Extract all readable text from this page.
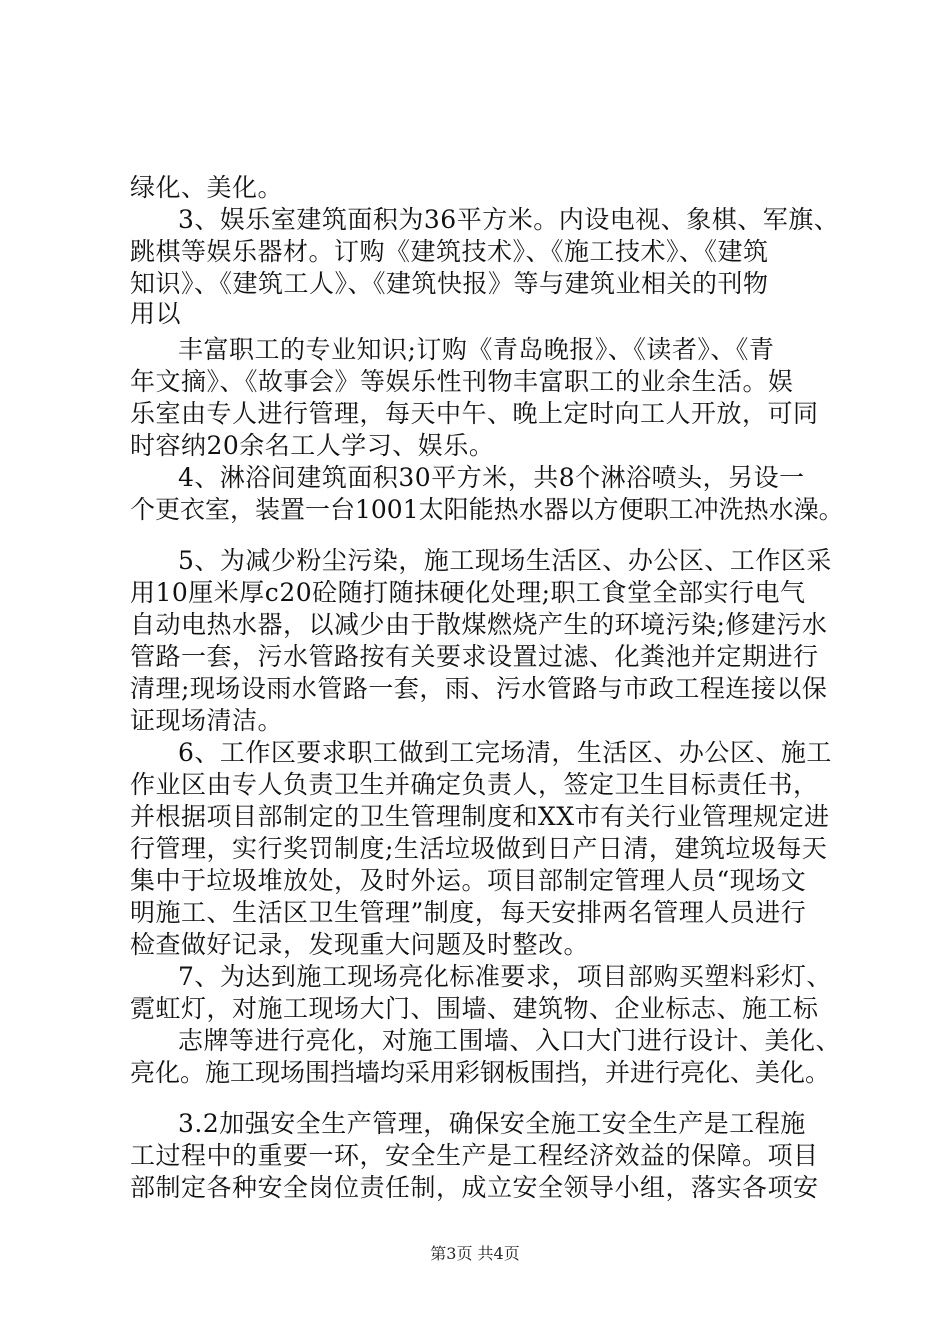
绿化、美化。
3、娱乐室建筑面积为36平方米。内设电视、象棋、军旗、
跳棋等娱乐器材。订购《建筑技术》、《施工技术》、《建筑
知识》、《建筑工人》、《建筑快报》等与建筑业相关的刊物
用以
丰富职工的专业知识;订购《青岛晚报》、《读者》、《青
年文摘》、《故事会》等娱乐性刊物丰富职工的业余生活。娱
乐室由专人进行管理，每天中午、晚上定时向工人开放，可同
时容纳20余名工人学习、娱乐。
4、淋浴间建筑面积30平方米，共8个淋浴喷头，另设一
个更衣室，装置一台1001太阳能热水器以方便职工冲洗热水澡。
5、为减少粉尘污染，施工现场生活区、办公区、工作区采
用10厘米厚c20砼随打随抹硬化处理;职工食堂全部实行电气
自动电热水器，以减少由于散煤燃烧产生的环境污染;修建污水
管路一套，污水管路按有关要求设置过滤、化粪池并定期进行
清理;现场设雨水管路一套，雨、污水管路与市政工程连接以保
证现场清洁。
6、工作区要求职工做到工完场清，生活区、办公区、施工
作业区由专人负责卫生并确定负责人，签定卫生目标责任书，
并根据项目部制定的卫生管理制度和XX市有关行业管理规定进
行管理，实行奖罚制度;生活垃圾做到日产日清，建筑垃圾每天
集中于垃圾堆放处，及时外运。项目部制定管理人员“现场文
明施工、生活区卫生管理”制度，每天安排两名管理人员进行
检查做好记录，发现重大问题及时整改。
7、为达到施工现场亮化标准要求，项目部购买塑料彩灯、
霓虹灯，对施工现场大门、围墙、建筑物、企业标志、施工标
志牌等进行亮化，对施工围墙、入口大门进行设计、美化、
亮化。施工现场围挡墙均采用彩钢板围挡，并进行亮化、美化。
3.2加强安全生产管理，确保安全施工安全生产是工程施
工过程中的重要一环，安全生产是工程经济效益的保障。项目
部制定各种安全岗位责任制，成立安全领导小组，落实各项安
第3页 共4页
